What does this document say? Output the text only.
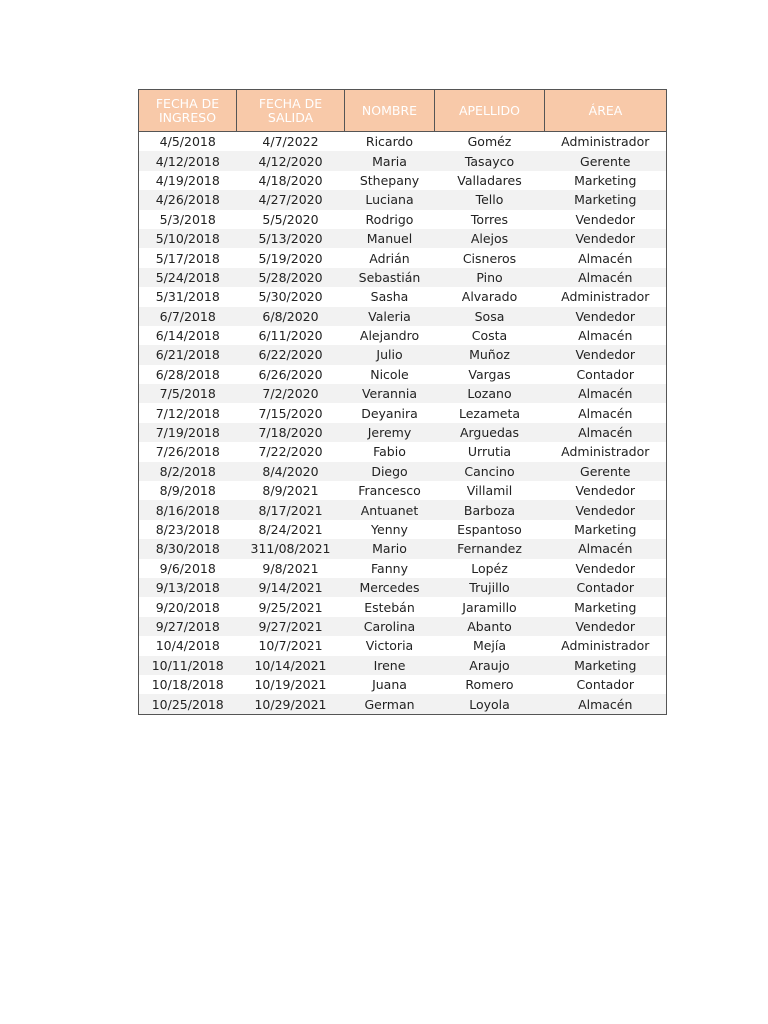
FECHA DE INGRESO	FECHA DE SALIDA	NOMBRE	APELLIDO	ÁREA
4/5/2018	4/7/2022	Ricardo	Goméz	Administrador
4/12/2018	4/12/2020	Maria	Tasayco	Gerente
4/19/2018	4/18/2020	Sthepany	Valladares	Marketing
4/26/2018	4/27/2020	Luciana	Tello	Marketing
5/3/2018	5/5/2020	Rodrigo	Torres	Vendedor
5/10/2018	5/13/2020	Manuel	Alejos	Vendedor
5/17/2018	5/19/2020	Adrián	Cisneros	Almacén
5/24/2018	5/28/2020	Sebastián	Pino	Almacén
5/31/2018	5/30/2020	Sasha	Alvarado	Administrador
6/7/2018	6/8/2020	Valeria	Sosa	Vendedor
6/14/2018	6/11/2020	Alejandro	Costa	Almacén
6/21/2018	6/22/2020	Julio	Muñoz	Vendedor
6/28/2018	6/26/2020	Nicole	Vargas	Contador
7/5/2018	7/2/2020	Verannia	Lozano	Almacén
7/12/2018	7/15/2020	Deyanira	Lezameta	Almacén
7/19/2018	7/18/2020	Jeremy	Arguedas	Almacén
7/26/2018	7/22/2020	Fabio	Urrutia	Administrador
8/2/2018	8/4/2020	Diego	Cancino	Gerente
8/9/2018	8/9/2021	Francesco	Villamil	Vendedor
8/16/2018	8/17/2021	Antuanet	Barboza	Vendedor
8/23/2018	8/24/2021	Yenny	Espantoso	Marketing
8/30/2018	311/08/2021	Mario	Fernandez	Almacén
9/6/2018	9/8/2021	Fanny	Lopéz	Vendedor
9/13/2018	9/14/2021	Mercedes	Trujillo	Contador
9/20/2018	9/25/2021	Estebán	Jaramillo	Marketing
9/27/2018	9/27/2021	Carolina	Abanto	Vendedor
10/4/2018	10/7/2021	Victoria	Mejía	Administrador
10/11/2018	10/14/2021	Irene	Araujo	Marketing
10/18/2018	10/19/2021	Juana	Romero	Contador
10/25/2018	10/29/2021	German	Loyola	Almacén
